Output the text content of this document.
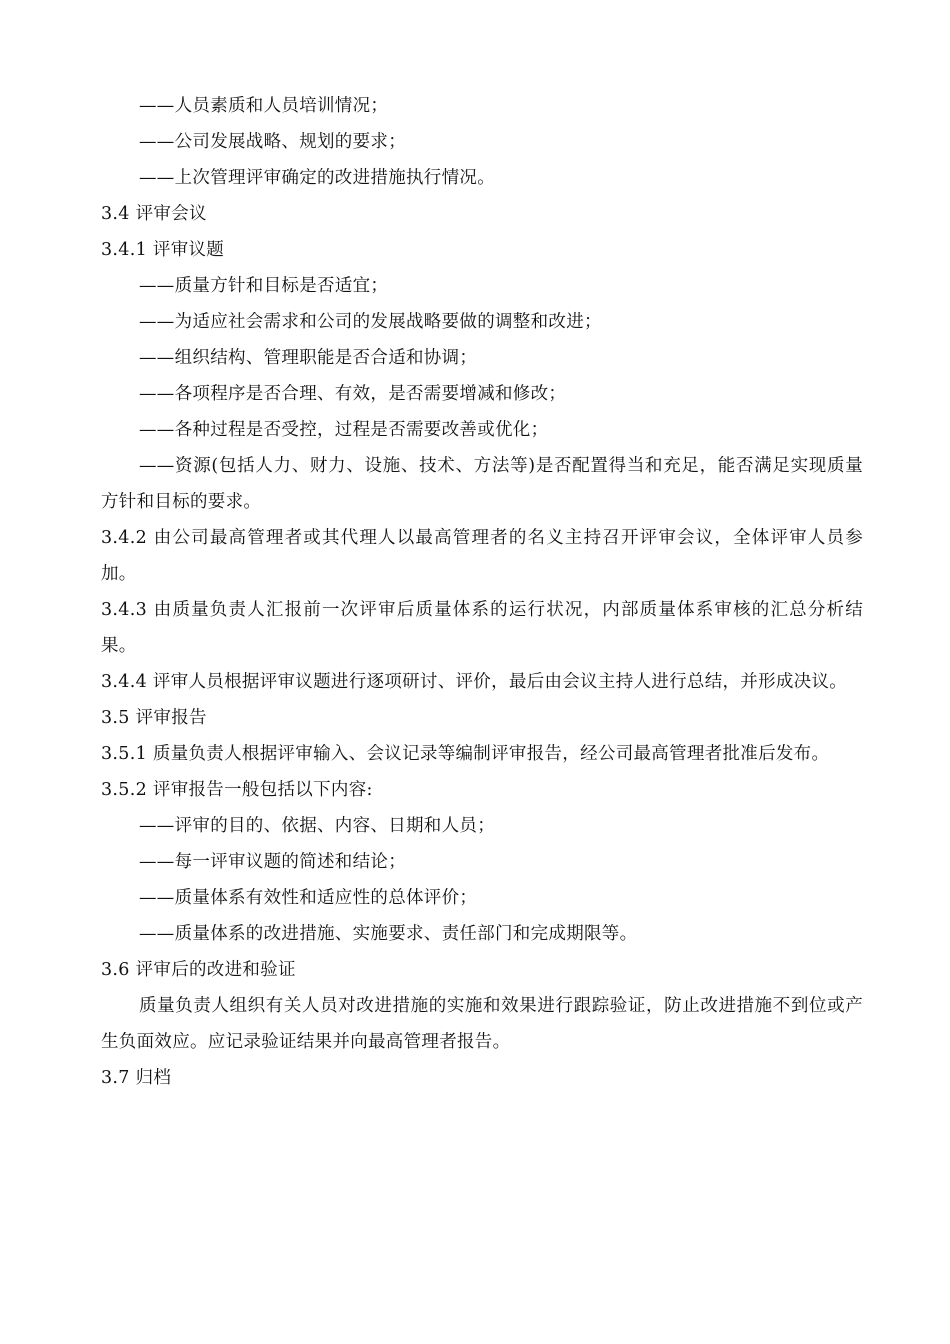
——人员素质和人员培训情况；
——公司发展战略、规划的要求；
——上次管理评审确定的改进措施执行情况。
3.4 评审会议
3.4.1 评审议题
——质量方针和目标是否适宜；
——为适应社会需求和公司的发展战略要做的调整和改进；
——组织结构、管理职能是否合适和协调；
——各项程序是否合理、有效，是否需要增减和修改；
——各种过程是否受控，过程是否需要改善或优化；
——资源(包括人力、财力、设施、技术、方法等)是否配置得当和充足，能否满足实现质量方针和目标的要求。
3.4.2 由公司最高管理者或其代理人以最高管理者的名义主持召开评审会议，全体评审人员参加。
3.4.3 由质量负责人汇报前一次评审后质量体系的运行状况，内部质量体系审核的汇总分析结果。
3.4.4 评审人员根据评审议题进行逐项研讨、评价，最后由会议主持人进行总结，并形成决议。
3.5 评审报告
3.5.1 质量负责人根据评审输入、会议记录等编制评审报告，经公司最高管理者批准后发布。
3.5.2 评审报告一般包括以下内容:
——评审的目的、依据、内容、日期和人员；
——每一评审议题的简述和结论；
——质量体系有效性和适应性的总体评价；
——质量体系的改进措施、实施要求、责任部门和完成期限等。
3.6 评审后的改进和验证
质量负责人组织有关人员对改进措施的实施和效果进行跟踪验证，防止改进措施不到位或产生负面效应。应记录验证结果并向最高管理者报告。
3.7 归档
